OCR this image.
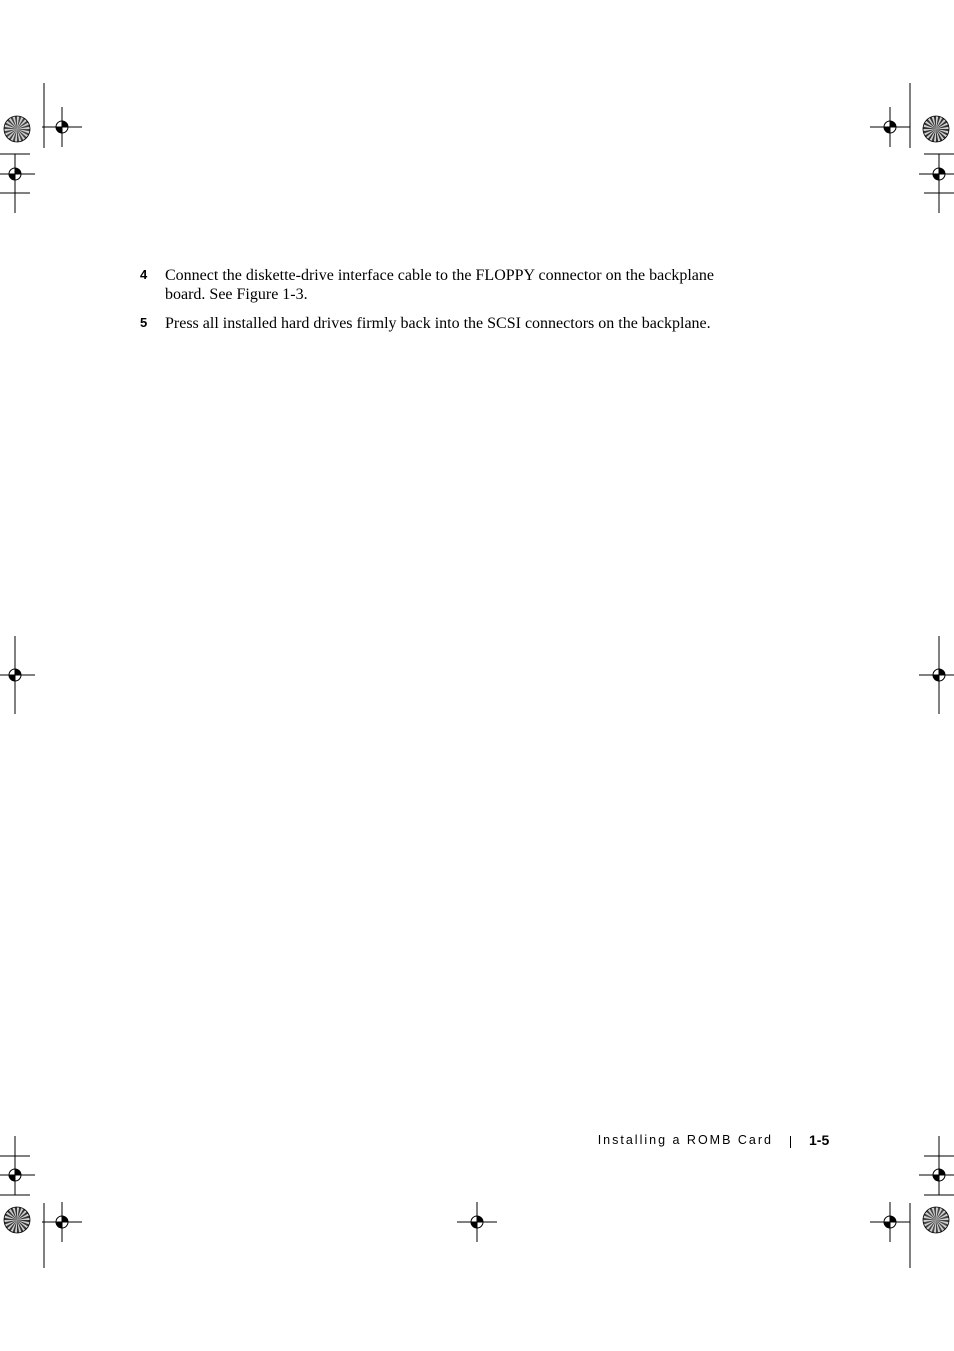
4 Connect the diskette-drive interface cable to the FLOPPY connector on the backplane board. See Figure 1-3.
5 Press all installed hard drives firmly back into the SCSI connectors on the backplane.
Installing a ROMB Card	1-5
